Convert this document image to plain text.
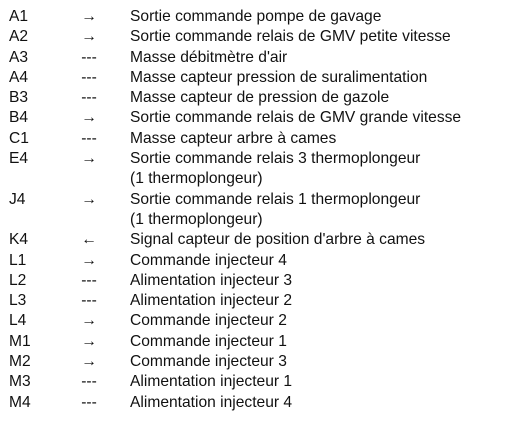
A1	→ Sortie commande pompe de gavage
A2	→ Sortie commande relais de GMV petite vitesse
A3	--- Masse débitmètre d'air
A4	--- Masse capteur pression de suralimentation
B3	--- Masse capteur de pression de gazole
B4	→ Sortie commande relais de GMV grande vitesse
C1	--- Masse capteur arbre à cames
E4	→ Sortie commande relais 3 thermoplongeur
(1 thermoplongeur)
J4	→ Sortie commande relais 1 thermoplongeur
(1 thermoplongeur)
K4	← Signal capteur de position d'arbre à cames
L1	→ Commande injecteur 4
L2	--- Alimentation injecteur 3
L3	--- Alimentation injecteur 2
L4	→ Commande injecteur 2
M1	→ Commande injecteur 1
M2	→ Commande injecteur 3
M3	--- Alimentation injecteur 1
M4	--- Alimentation injecteur 4
